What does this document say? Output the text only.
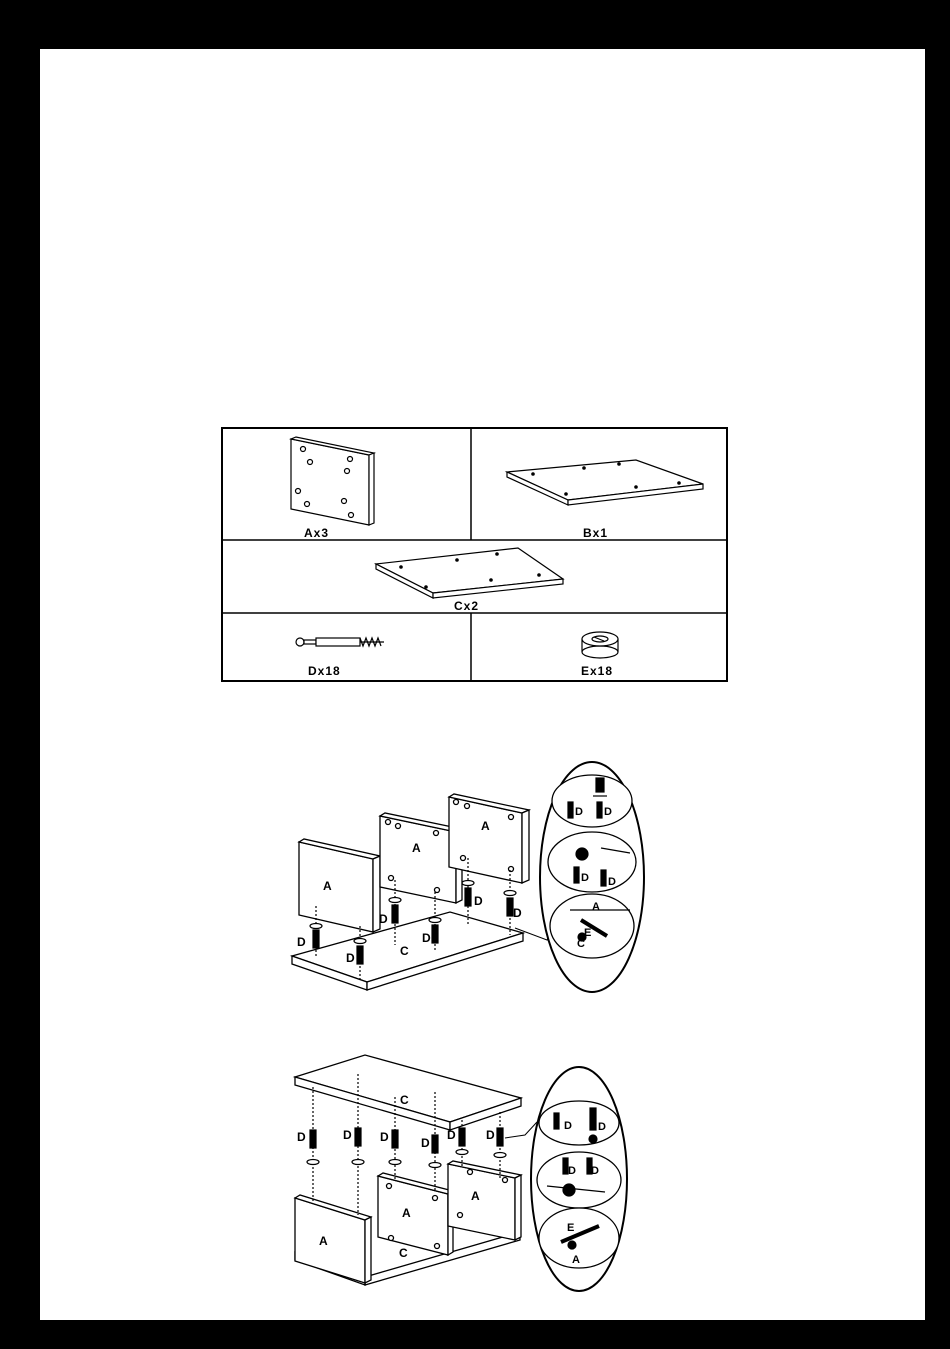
Ax3	Bx1
Cx2
Dx18	Ex18
A
A
A
C
D
D
D
D
D
D
D D
D D
A
E
C
C
A
A
A
C
D	D D	D
D	D
D D
D D
E
A
